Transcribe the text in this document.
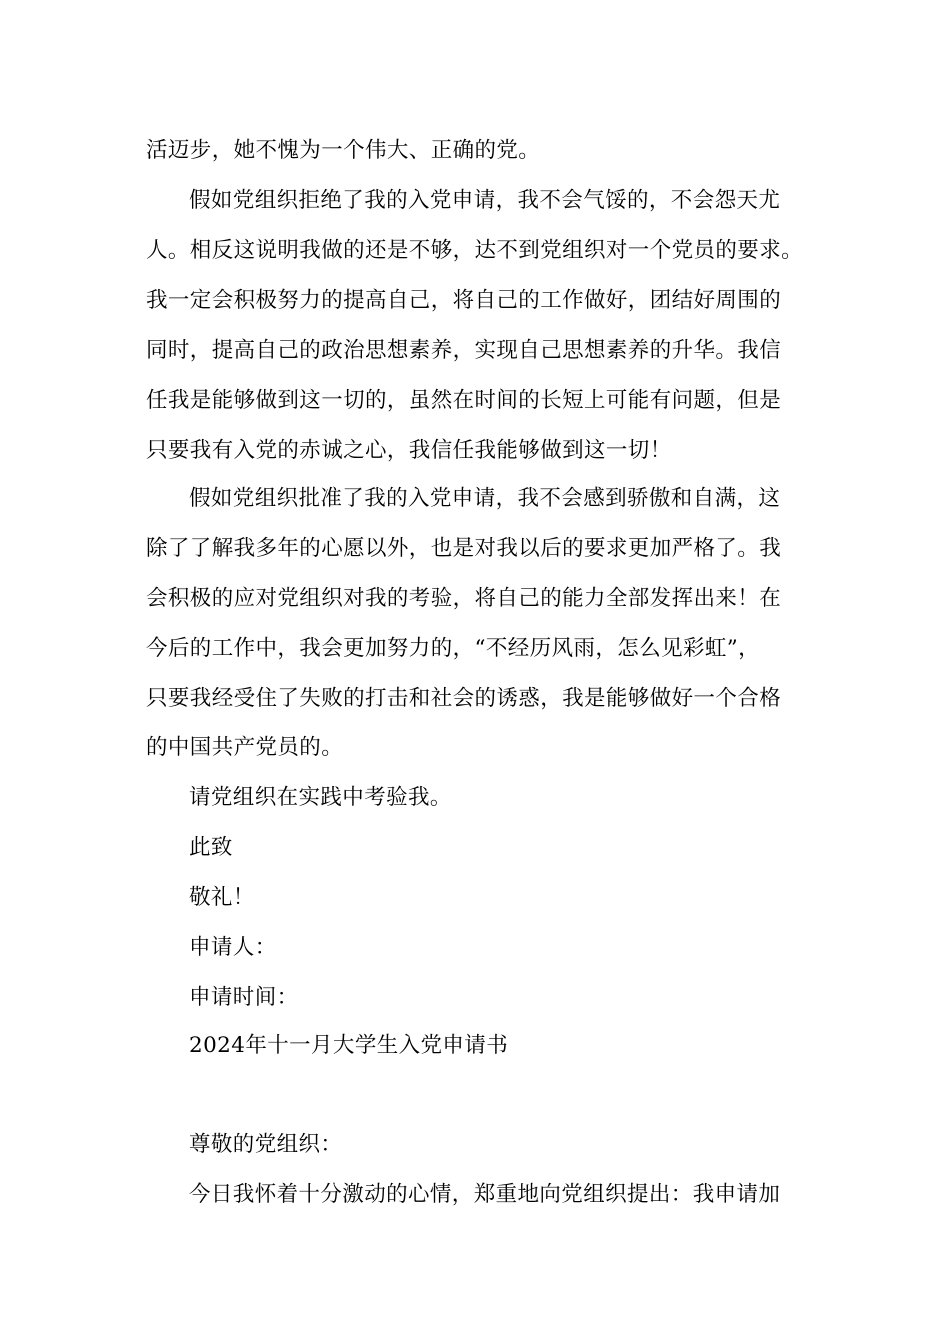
活迈步，她不愧为一个伟大、正确的党。
假如党组织拒绝了我的入党申请，我不会气馁的，不会怨天尤
人。相反这说明我做的还是不够，达不到党组织对一个党员的要求。
我一定会积极努力的提高自己，将自己的工作做好，团结好周围的
同时，提高自己的政治思想素养，实现自己思想素养的升华。我信
任我是能够做到这一切的，虽然在时间的长短上可能有问题，但是
只要我有入党的赤诚之心，我信任我能够做到这一切！
假如党组织批准了我的入党申请，我不会感到骄傲和自满，这
除了了解我多年的心愿以外，也是对我以后的要求更加严格了。我
会积极的应对党组织对我的考验，将自己的能力全部发挥出来！在
今后的工作中，我会更加努力的，“不经历风雨，怎么见彩虹”，
只要我经受住了失败的打击和社会的诱惑，我是能够做好一个合格
的中国共产党员的。
请党组织在实践中考验我。
此致
敬礼！
申请人：
申请时间：
2024年十一月大学生入党申请书
尊敬的党组织：
今日我怀着十分激动的心情，郑重地向党组织提出：我申请加
